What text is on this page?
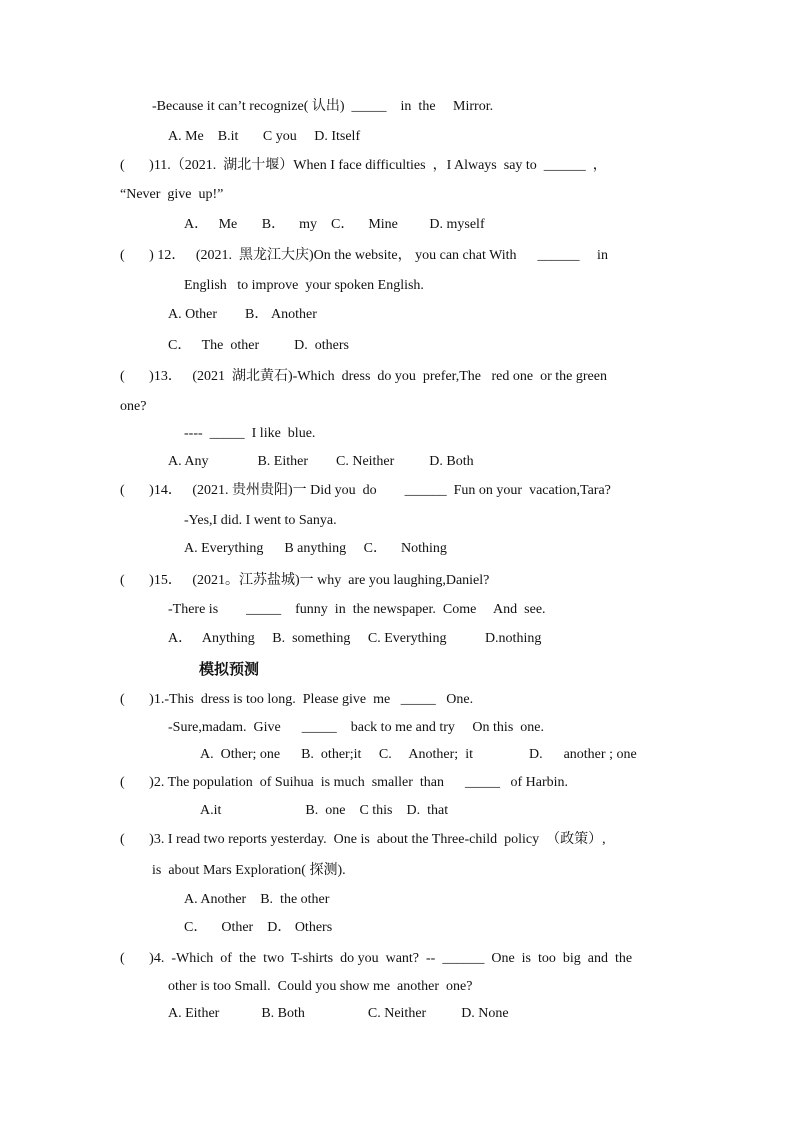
-Because it can’t recognize( 认出)  _____    in  the     Mirror.
A. Me    B.it       C you     D. Itself
(       )11.（2021.  湖北十堰）When I face difficulties  ，I Always  say to  ______  ，
“Never  give  up!”
A．   Me       B．    my    C．    Mine         D. myself
(       ) 12．   (2021.  黑龙江大庆)On the website， you can chat With      ______     in
English   to improve  your spoken English.
A. Other        B． Another
C．   The  other          D.  others
(       )13．   (2021  湖北黄石)-Which  dress  do you  prefer,The   red one  or the green
one?
----  _____  I like  blue.
A. Any              B. Either        C. Neither          D. Both
(       )14．   (2021. 贵州贵阳)一 Did you  do        ______  Fun on your  vacation,Tara?
-Yes,I did. I went to Sanya.
A. Everything      B anything     C．    Nothing
(       )15．   (2021。江苏盐城)一 why  are you laughing,Daniel?
-There is        _____    funny  in  the newspaper.  Come     And  see.
A．   Anything     B.  something     C. Everything           D.nothing
模拟预测
(       )1.-This  dress is too long.  Please give  me   _____   One.
-Sure,madam.  Give      _____    back to me and try     On this  one.
A.  Other; one      B.  other;it     C.     Another;  it                D.      another ; one
(       )2. The population  of Suihua  is much  smaller  than      _____   of Harbin.
A.it                        B.  one    C this    D.  that
(       )3. I read two reports yesterday.  One is  about the Three-child  policy  （政策）,
is  about Mars Exploration( 探测).
A. Another    B.  the other
C．    Other    D． Others
(       )4.  -Which  of  the  two  T-shirts  do you  want?  --  ______  One  is  too  big  and  the
other is too Small.  Could you show me  another  one?
A. Either            B. Both                  C. Neither          D. None
